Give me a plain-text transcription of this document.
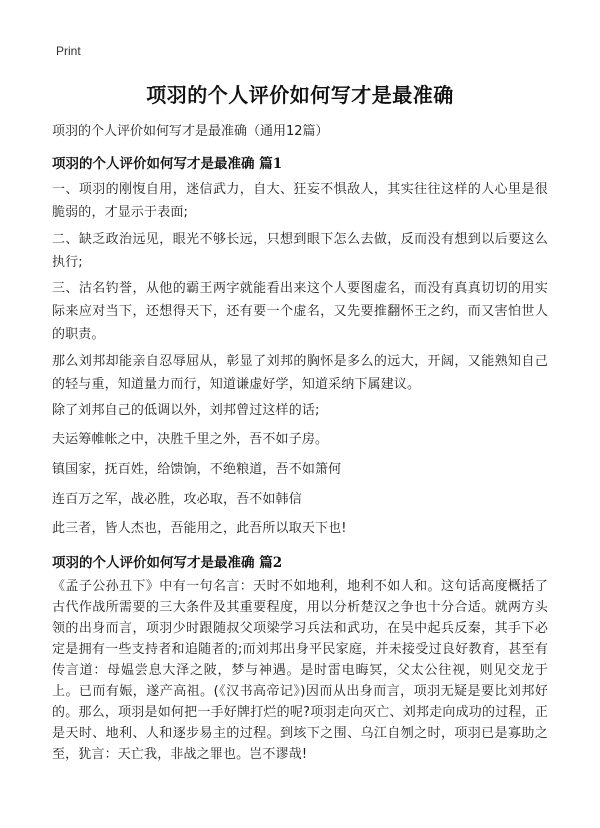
Print
项羽的个人评价如何写才是最准确
项羽的个人评价如何写才是最准确（通用12篇）
项羽的个人评价如何写才是最准确 篇1
一、项羽的刚愎自用，迷信武力，自大、狂妄不惧敌人，其实往往这样的人心里是很脆弱的，才显示于表面;
二、缺乏政治远见，眼光不够长远，只想到眼下怎么去做，反而没有想到以后要这么执行;
三、沽名钓誉，从他的霸王两字就能看出来这个人要图虚名，而没有真真切切的用实际来应对当下，还想得天下，还有要一个虚名，又先要推翻怀王之约，而又害怕世人的职责。
那么刘邦却能亲自忍辱屈从，彰显了刘邦的胸怀是多么的远大，开阔，又能熟知自己的轻与重，知道量力而行，知道谦虚好学，知道采纳下属建议。
除了刘邦自己的低调以外，刘邦曾过这样的话;
夫运筹帷帐之中，决胜千里之外，吾不如子房。
镇国家，抚百姓，给馈饷，不绝粮道，吾不如箫何
连百万之军，战必胜，攻必取，吾不如韩信
此三者，皆人杰也，吾能用之，此吾所以取天下也!
项羽的个人评价如何写才是最准确 篇2
《孟子公孙丑下》中有一句名言：天时不如地利，地利不如人和。这句话高度概括了古代作战所需要的三大条件及其重要程度，用以分析楚汉之争也十分合适。就两方头领的出身而言，项羽少时跟随叔父项梁学习兵法和武功，在吴中起兵反秦，其手下必定是拥有一些支持者和追随者的;而刘邦出身平民家庭，并未接受过良好教育，甚至有传言道：母媪尝息大泽之陂，梦与神遇。是时雷电晦冥，父太公往视，则见交龙于上。已而有娠，遂产高祖。(《汉书高帝记》)因而从出身而言，项羽无疑是要比刘邦好的。那么，项羽是如何把一手好牌打烂的呢?项羽走向灭亡、刘邦走向成功的过程，正是天时、地利、人和逐步易主的过程。到垓下之围、乌江自刎之时，项羽已是寡助之至，犹言：天亡我，非战之罪也。岂不谬哉!
